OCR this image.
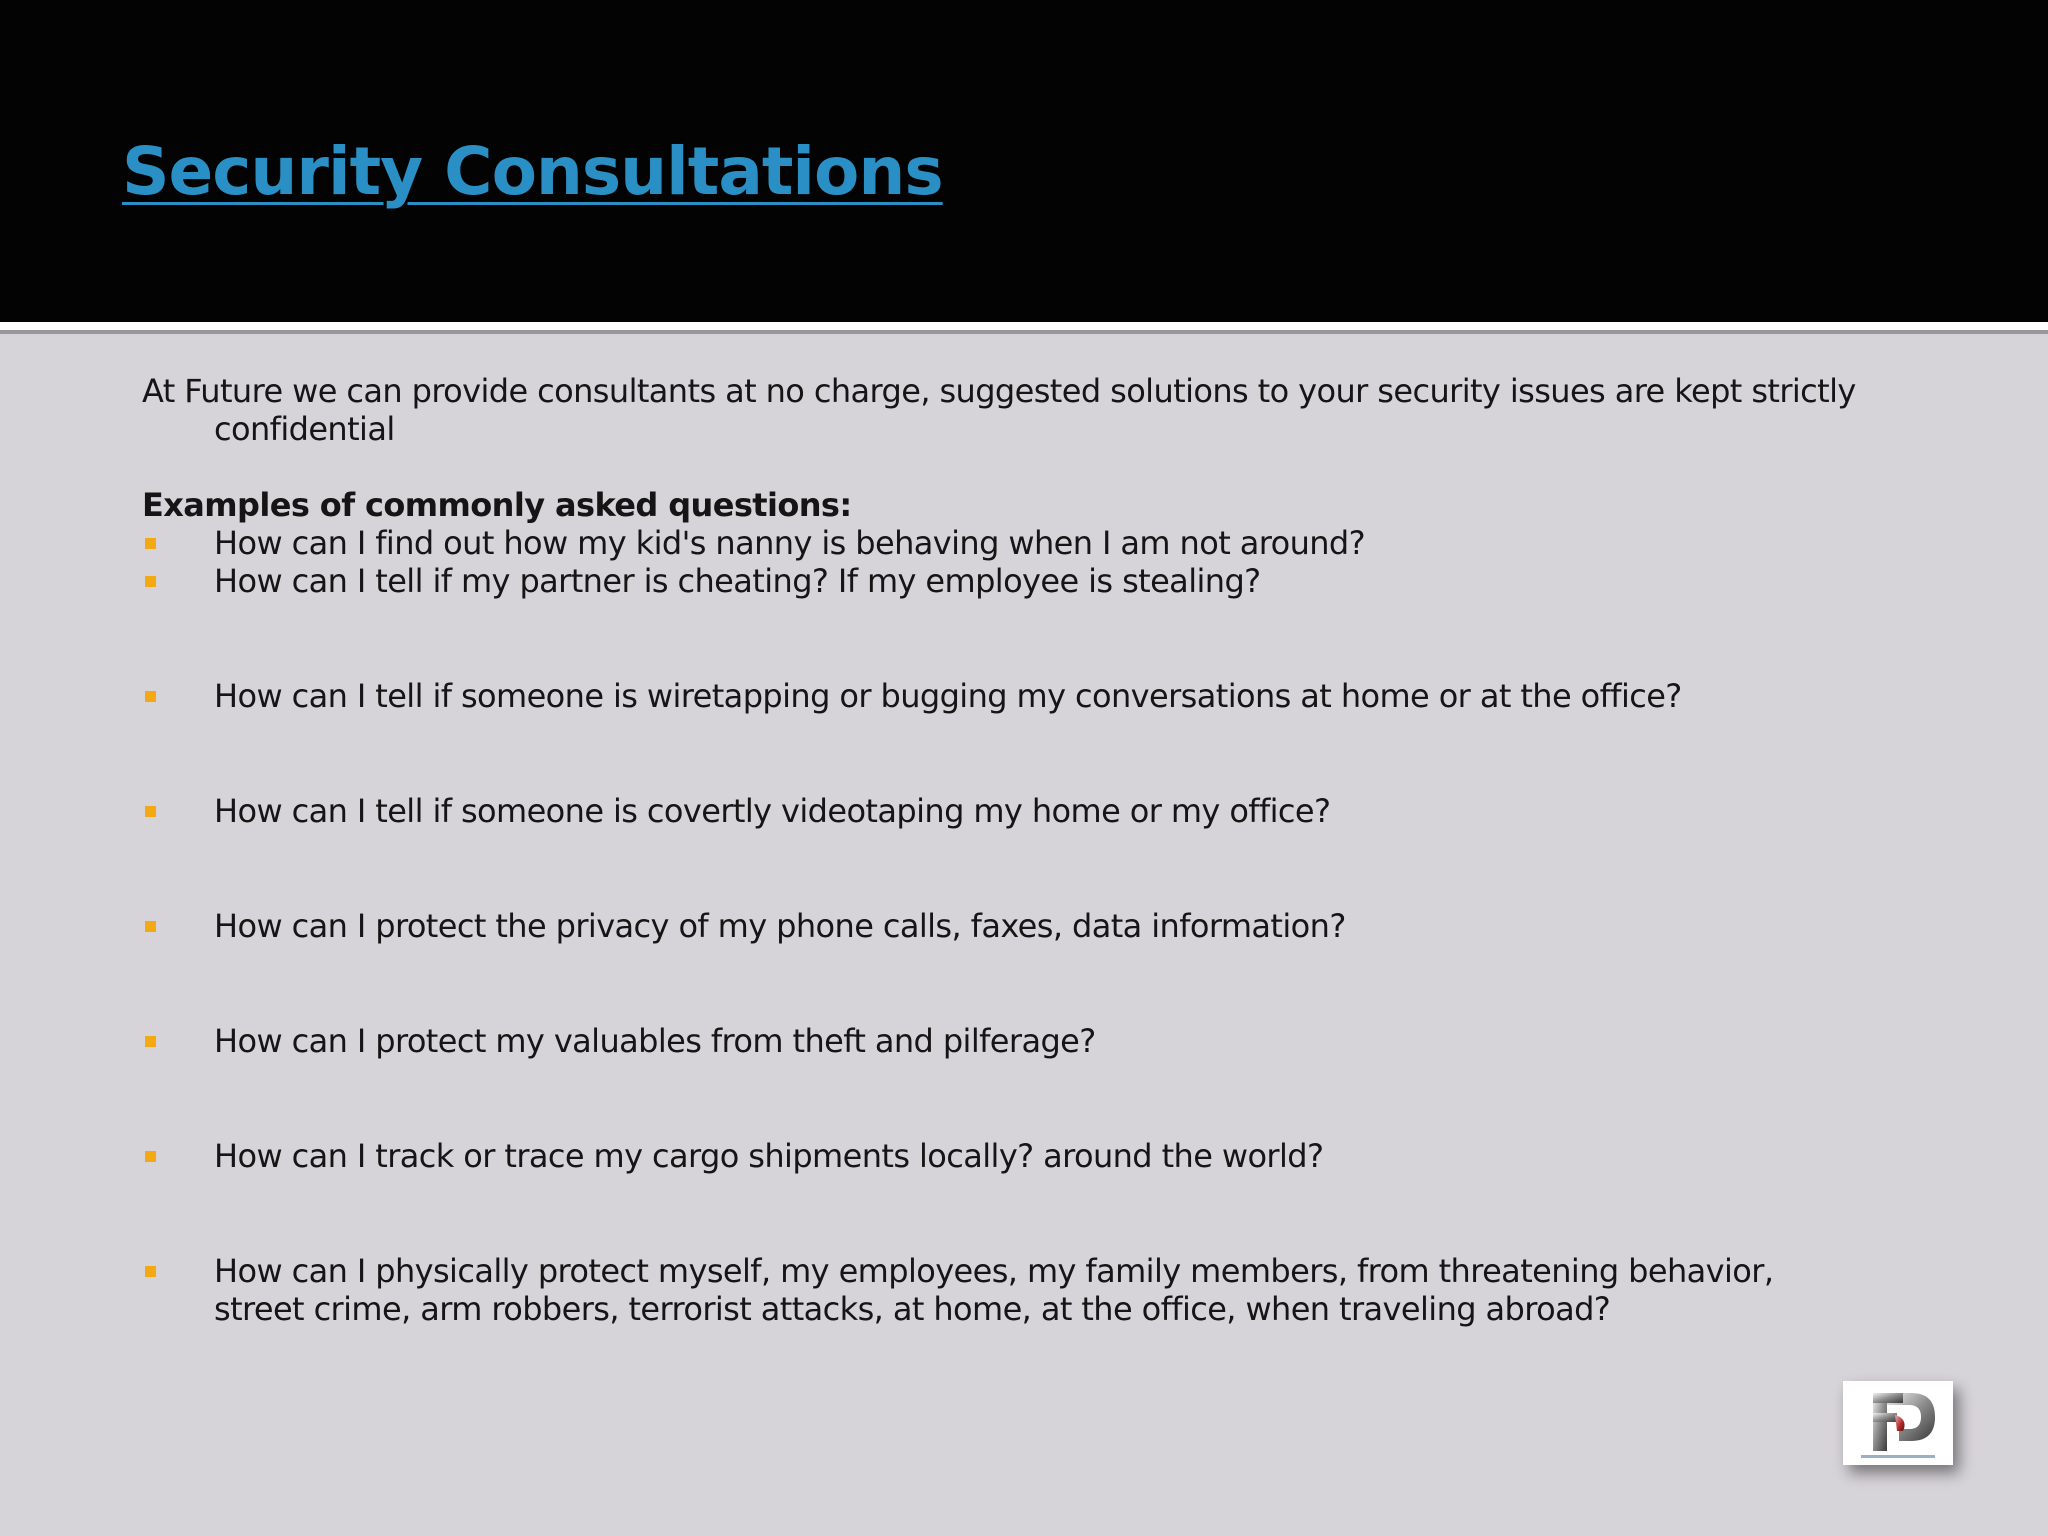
Security Consultations

At Future we can provide consultants at no charge, suggested solutions to your security issues are kept strictly confidential

Examples of commonly asked questions:
How can I find out how my kid's nanny is behaving when I am not around?
How can I tell if my partner is cheating? If my employee is stealing?
How can I tell if someone is wiretapping or bugging my conversations at home or at the office?
How can I tell if someone is covertly videotaping my home or my office?
How can I protect the privacy of my phone calls, faxes, data information?
How can I protect my valuables from theft and pilferage?
How can I track or trace my cargo shipments locally? around the world?
How can I physically protect myself, my employees, my family members, from threatening behavior, street crime, arm robbers, terrorist attacks, at home, at the office, when traveling abroad?
